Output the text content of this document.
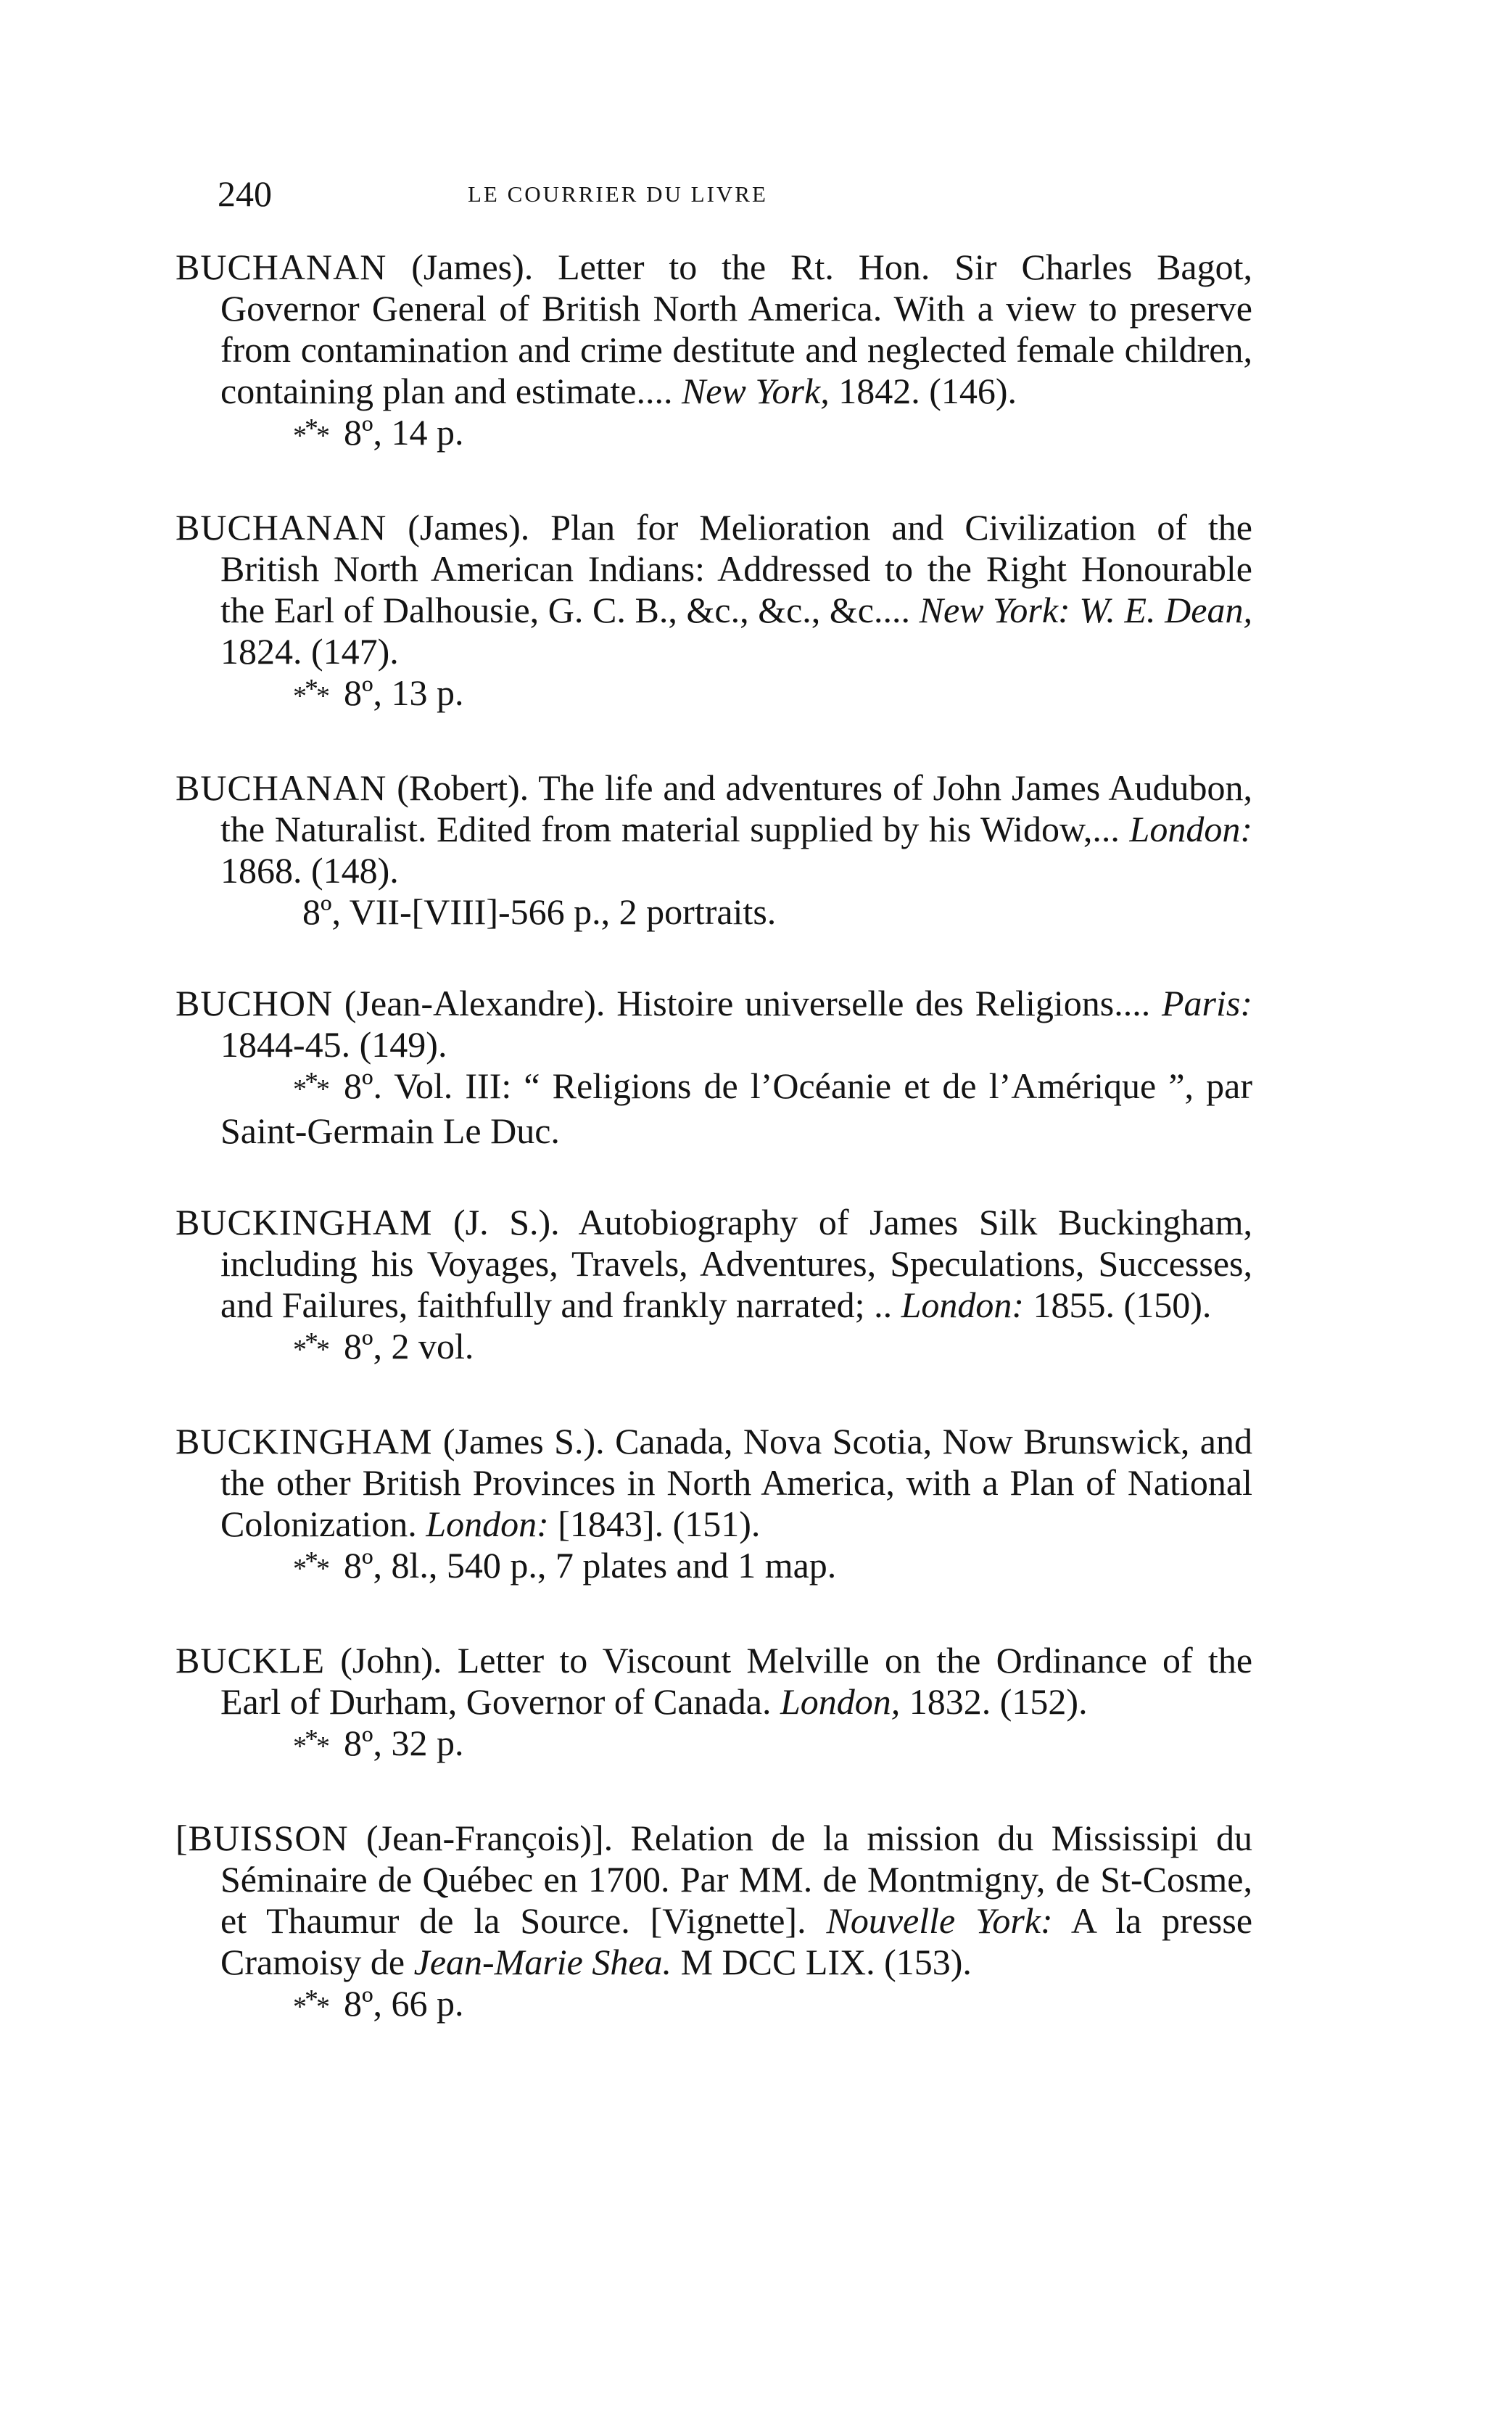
240	LE COURRIER DU LIVRE
BUCHANAN (James). Letter to the Rt. Hon. Sir Charles Bagot, Governor General of British North America. With a view to preserve from contamination and crime destitute and neglected female children, containing plan and estimate.... New York, 1842. (146).
*** 8º, 14 p.
BUCHANAN (James). Plan for Melioration and Civilization of the British North American Indians: Addressed to the Right Honourable the Earl of Dalhousie, G. C. B., &c., &c., &c.... New York: W. E. Dean, 1824. (147).
*** 8º, 13 p.
BUCHANAN (Robert). The life and adventures of John James Audubon, the Naturalist. Edited from material supplied by his Widow,... London: 1868. (148).
8º, VII-[VIII]-566 p., 2 portraits.
BUCHON (Jean-Alexandre). Histoire universelle des Religions.... Paris: 1844-45. (149).
*** 8º. Vol. III: “ Religions de l’Océanie et de l’Amérique ”, par Saint-Germain Le Duc.
BUCKINGHAM (J. S.). Autobiography of James Silk Buckingham, including his Voyages, Travels, Adventures, Speculations, Successes, and Failures, faithfully and frankly narrated; .. London: 1855. (150).
*** 8º, 2 vol.
BUCKINGHAM (James S.). Canada, Nova Scotia, Now Brunswick, and the other British Provinces in North America, with a Plan of National Colonization. London: [1843]. (151).
*** 8º, 8l., 540 p., 7 plates and 1 map.
BUCKLE (John). Letter to Viscount Melville on the Ordinance of the Earl of Durham, Governor of Canada. London, 1832. (152).
*** 8º, 32 p.
[BUISSON (Jean-François)]. Relation de la mission du Mississipi du Séminaire de Québec en 1700. Par MM. de Montmigny, de St-Cosme, et Thaumur de la Source. [Vignette]. Nouvelle York: A la presse Cramoisy de Jean-Marie Shea. M DCC LIX. (153).
*** 8º, 66 p.
